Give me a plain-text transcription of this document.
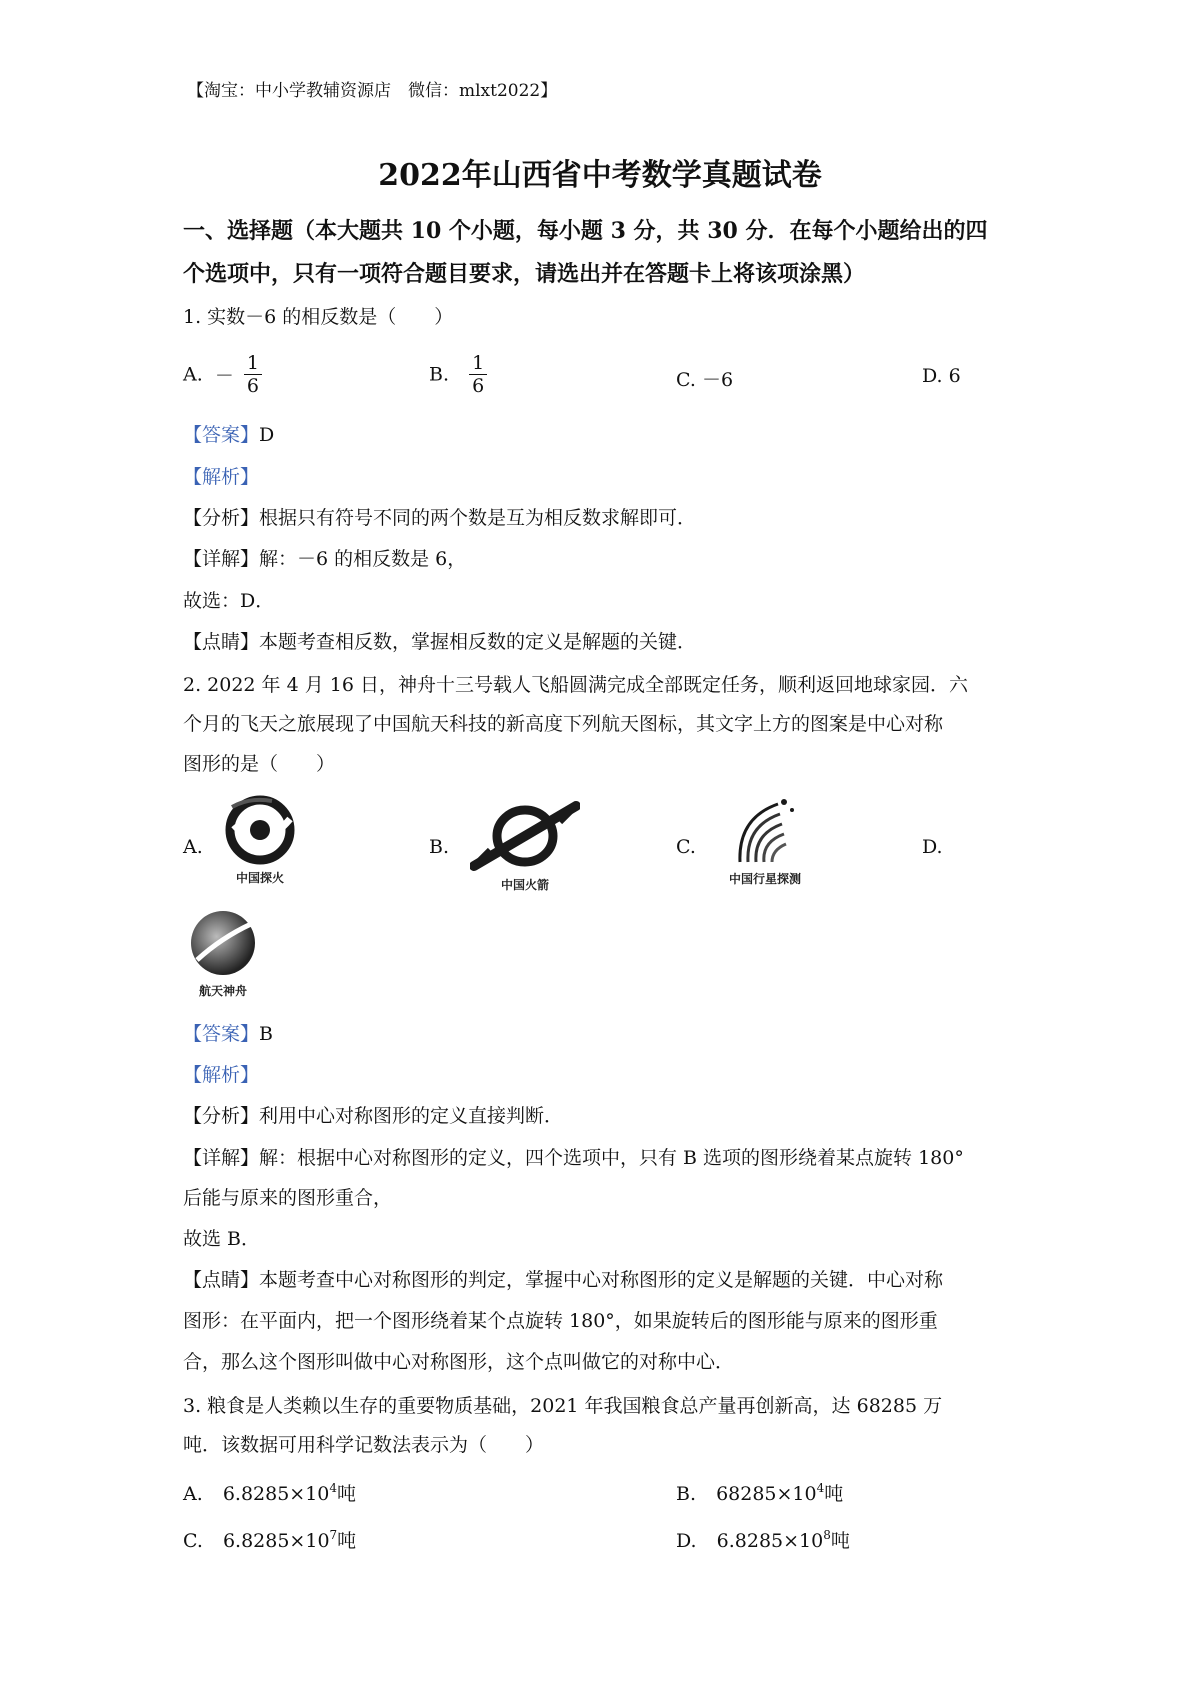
【淘宝：中小学教辅资源店　微信：mlxt2022】
2022年山西省中考数学真题试卷
一、选择题（本大题共 10 个小题，每小题 3 分，共 30 分．在每个小题给出的四
个选项中，只有一项符合题目要求，请选出并在答题卡上将该项涂黑）
1. 实数－6 的相反数是（　　）
A. － $\frac{1}{6}$	B. $\frac{1}{6}$	C. －6	D. 6
【答案】D
【解析】
【分析】根据只有符号不同的两个数是互为相反数求解即可．
【详解】解：－6 的相反数是 6，
故选：D．
【点睛】本题考查相反数，掌握相反数的定义是解题的关键．
2. 2022 年 4 月 16 日，神舟十三号载人飞船圆满完成全部既定任务，顺利返回地球家园．六
个月的飞天之旅展现了中国航天科技的新高度下列航天图标，其文字上方的图案是中心对称
图形的是（　　）
A.	B.	C.	D.
中国探火	中国火箭	中国行星探测
航天神舟
【答案】B
【解析】
【分析】利用中心对称图形的定义直接判断．
【详解】解：根据中心对称图形的定义，四个选项中，只有 B 选项的图形绕着某点旋转 180°
后能与原来的图形重合，
故选 B．
【点睛】本题考查中心对称图形的判定，掌握中心对称图形的定义是解题的关键．中心对称
图形：在平面内，把一个图形绕着某个点旋转 180°，如果旋转后的图形能与原来的图形重
合，那么这个图形叫做中心对称图形，这个点叫做它的对称中心．
3. 粮食是人类赖以生存的重要物质基础，2021 年我国粮食总产量再创新高，达 68285 万
吨．该数据可用科学记数法表示为（　　）
A. $6.8285\times 10^4$吨	B. $68285\times 10^4$吨
C. $6.8285\times 10^7$吨	D. $6.8285\times 10^8$吨
